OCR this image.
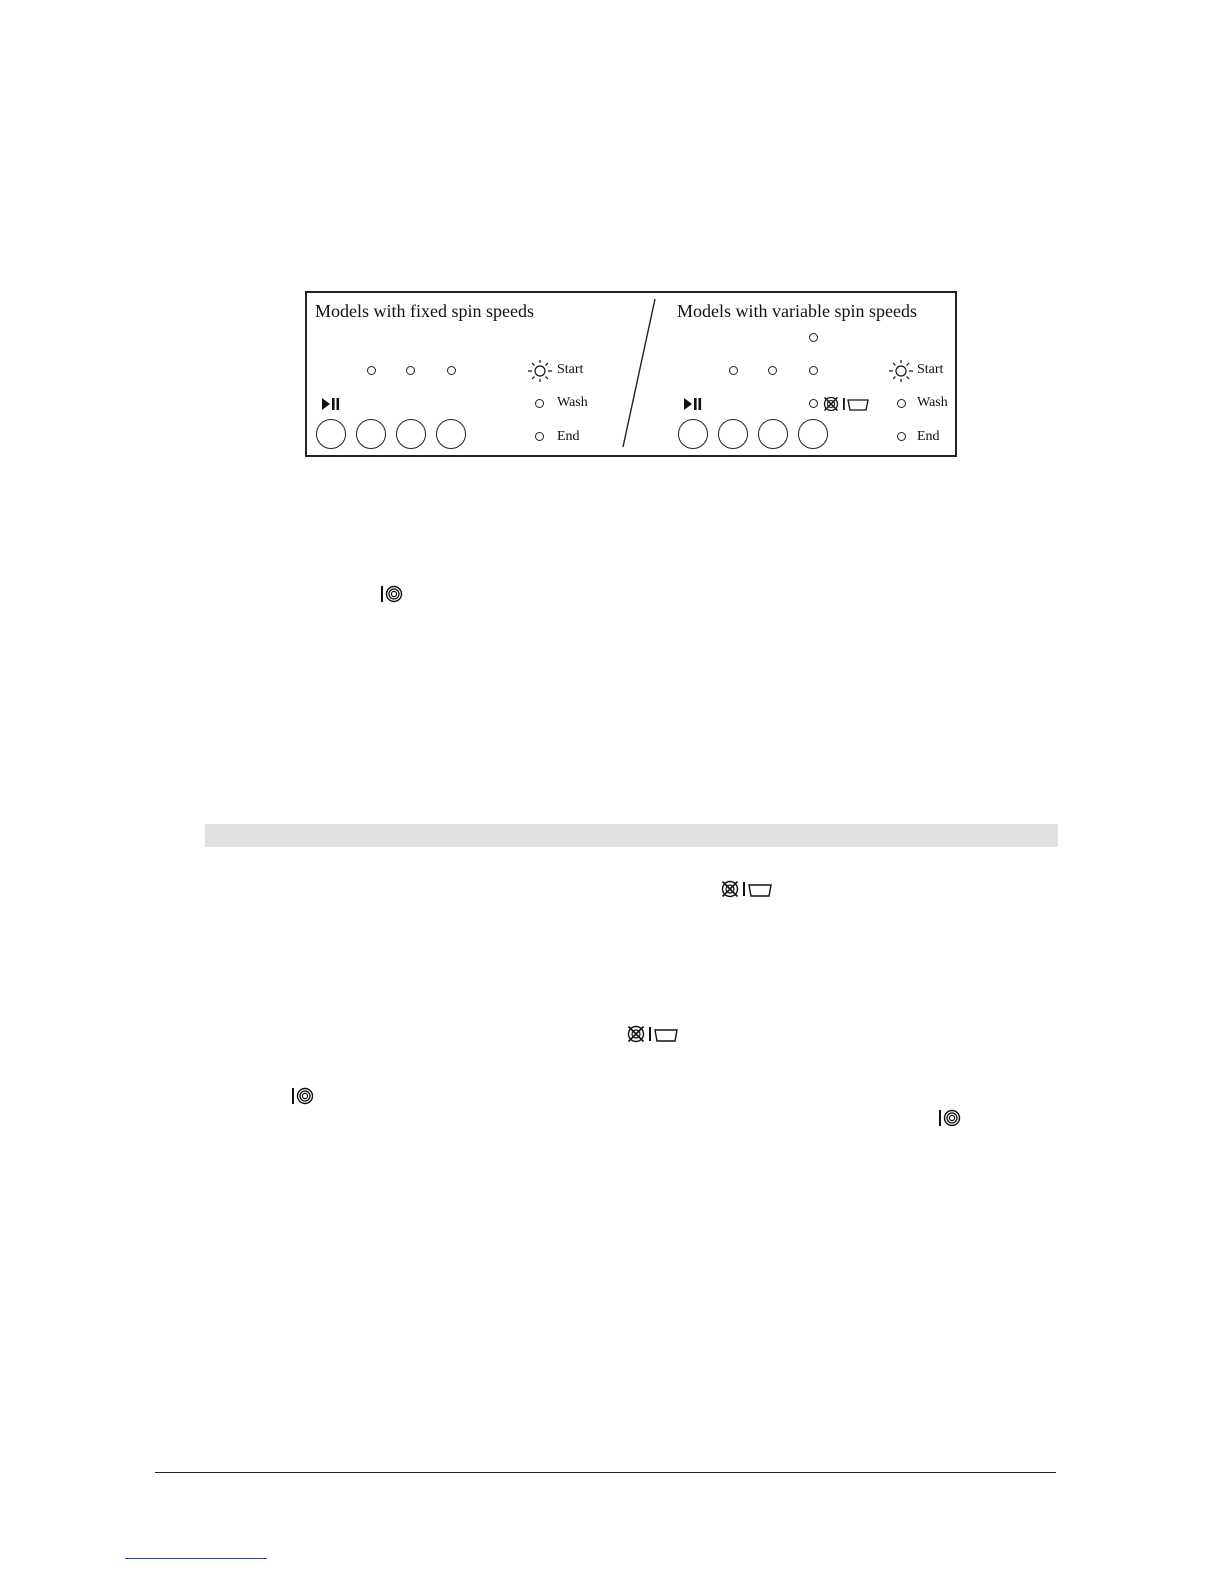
Models with fixed spin speeds
Start
Wash
End
Models with variable spin speeds
Start
Wash
End
